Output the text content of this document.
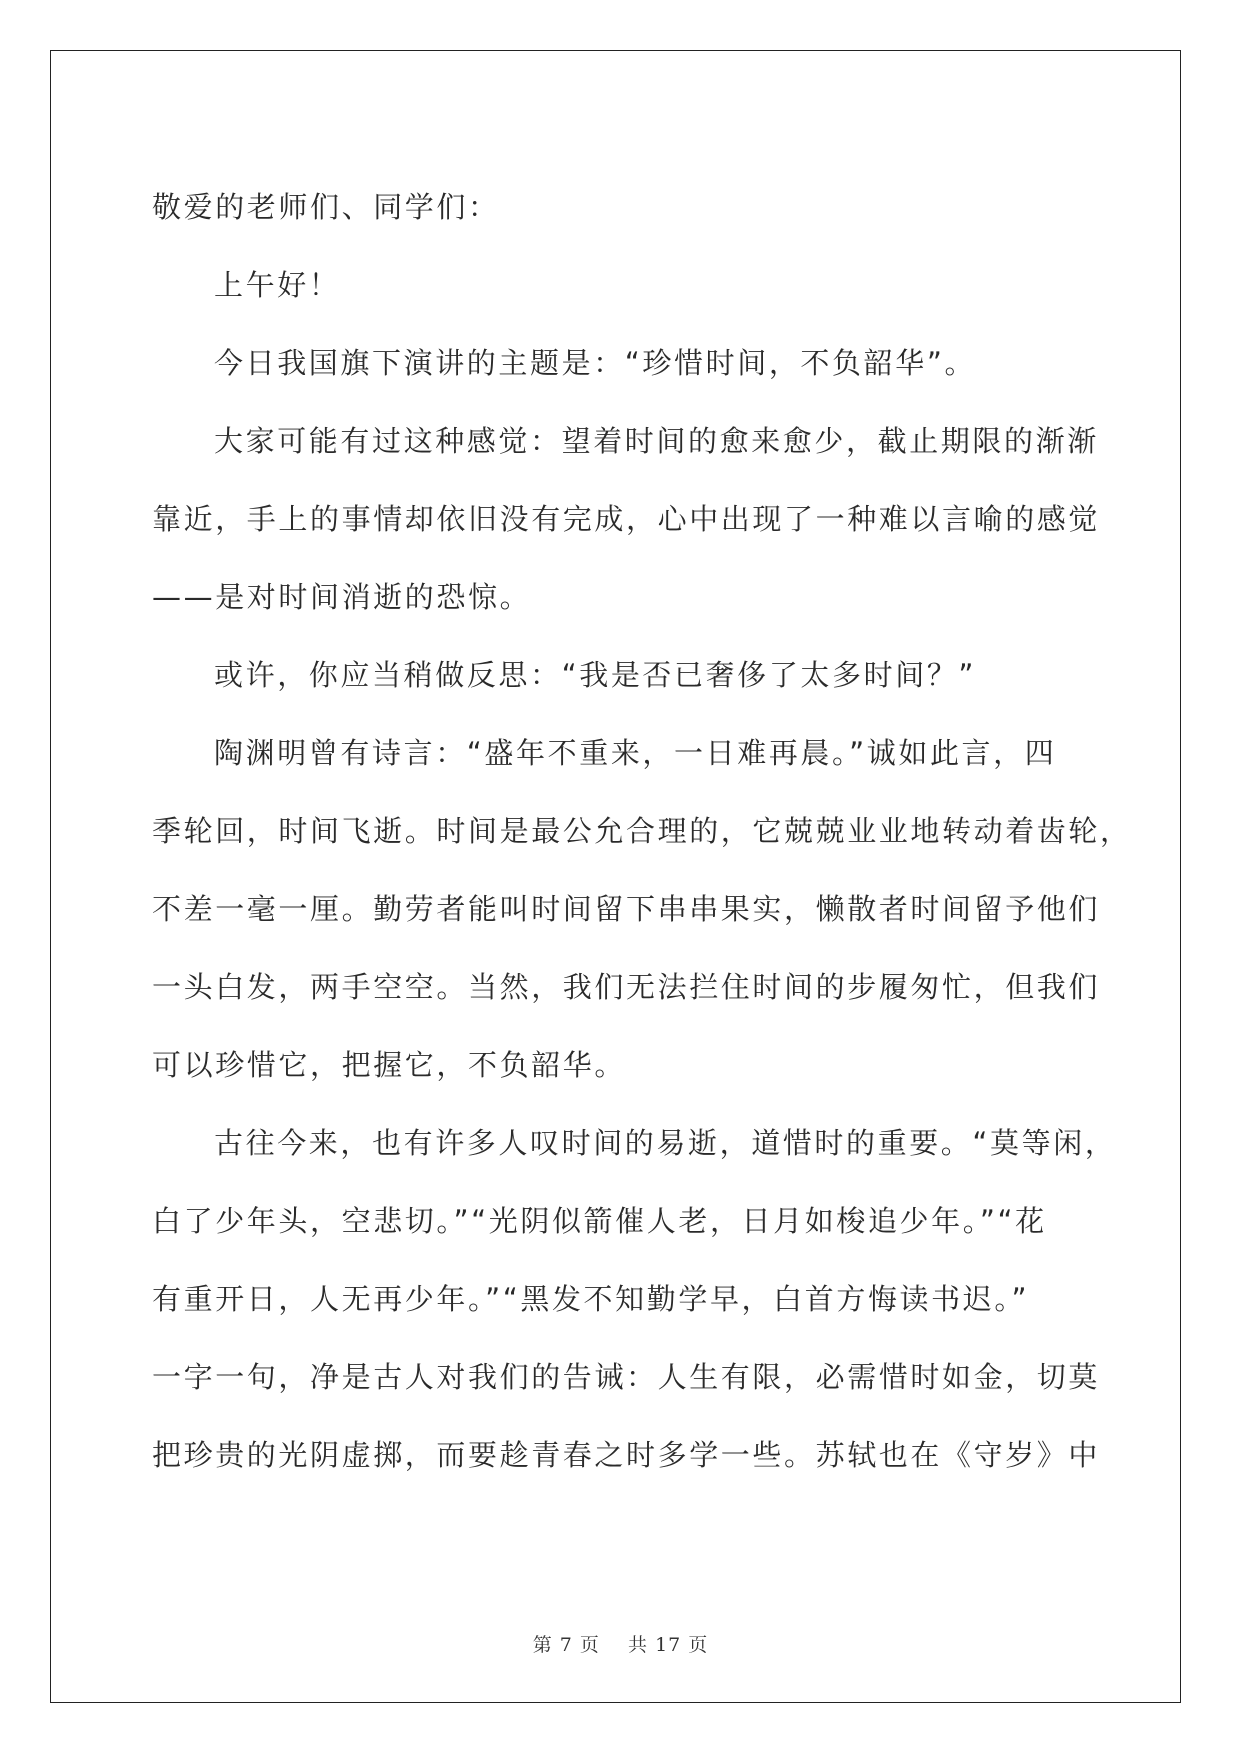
敬爱的老师们、同学们：
上午好！
今日我国旗下演讲的主题是：“珍惜时间，不负韶华”。
大家可能有过这种感觉：望着时间的愈来愈少，截止期限的渐渐
靠近，手上的事情却依旧没有完成，心中出现了一种难以言喻的感觉
——是对时间消逝的恐惊。
或许，你应当稍做反思：“我是否已奢侈了太多时间？”
陶渊明曾有诗言：“盛年不重来，一日难再晨。”诚如此言，四
季轮回，时间飞逝。时间是最公允合理的，它兢兢业业地转动着齿轮，
不差一毫一厘。勤劳者能叫时间留下串串果实，懒散者时间留予他们
一头白发，两手空空。当然，我们无法拦住时间的步履匆忙，但我们
可以珍惜它，把握它，不负韶华。
古往今来，也有许多人叹时间的易逝，道惜时的重要。“莫等闲，
白了少年头，空悲切。”“光阴似箭催人老，日月如梭追少年。”“花
有重开日，人无再少年。”“黑发不知勤学早，白首方悔读书迟。”
一字一句，净是古人对我们的告诫：人生有限，必需惜时如金，切莫
把珍贵的光阴虚掷，而要趁青春之时多学一些。苏轼也在《守岁》中
第 7 页    共 17 页
